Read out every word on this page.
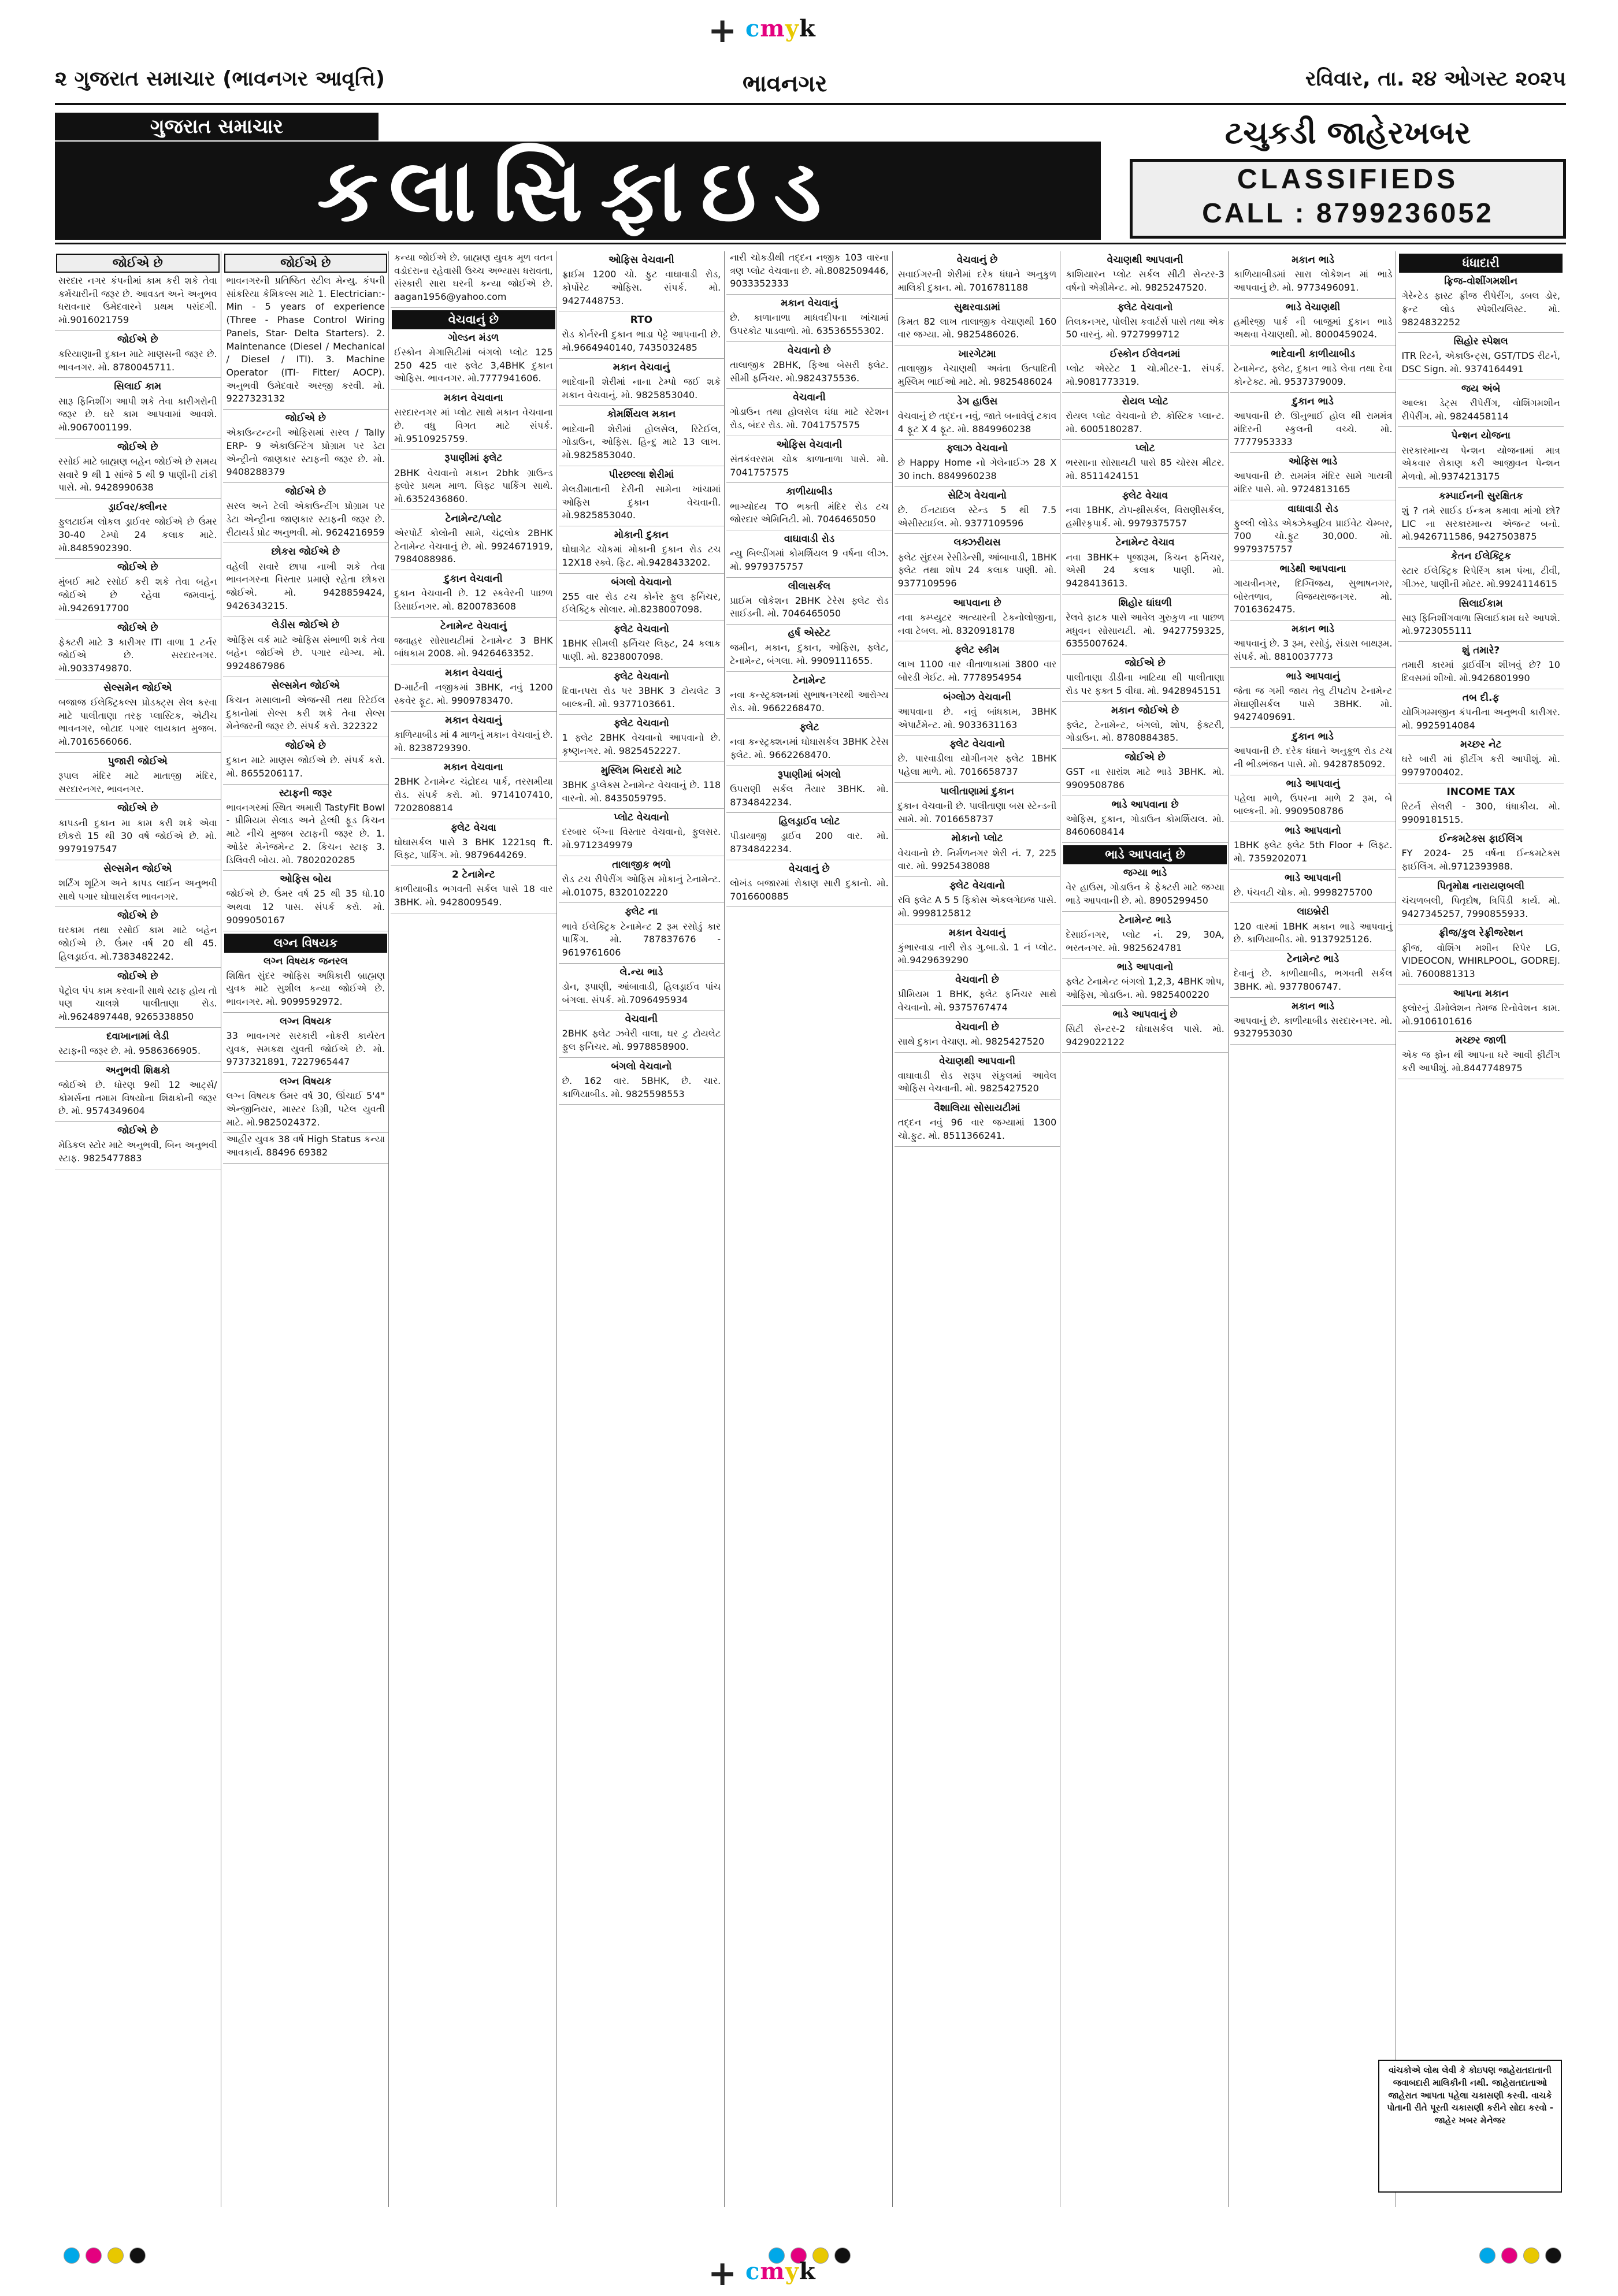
+ cmyk
૨ ગુજરાત સમાચાર (ભાવનગર આવૃત્તિ)	ભાવનગર	રવિવાર, તા. ૨૪ ઓગસ્ટ ૨૦૨૫
ગુજરાત સમાચાર
ક્લાસિફાઇડ
ટચુકડી જાહેરખબર
CLASSIFIEDS
CALL : 8799236052
જોઈએ છે
સરદાર નગર કંપનીમાં કામ કરી શકે તેવા કર્મચારીની જરૂર છે. આવડત અને અનુભવ ધરાવનાર ઉમેદવારને પ્રથમ પસંદગી. મો.9016021759
જોઈએ છે
કરિયાણાની દુકાન માટે માણસની જરૂર છે. ભાવનગર. મો. 8780045711.
સિલાઈ કામ
સારૂ ફિનિશીંગ આપી શકે તેવા કારીગરોની જરૂર છે. ઘરે કામ આપવામાં આવશે. મો.9067001199.
જોઈએ છે
રસોઈ માટે બ્રાહ્મણ બહેન જોઈએ છે સમય સવારે 9 થી 1 સાંજે 5 થી 9 પાણીની ટાંકી પાસે. મો. 9428990638
ડ્રાઈવર/ક્લીનર
ફુલટાઈમ લોકલ ડ્રાઈવર જોઈએ છે ઉંમર 30-40 ટેમ્પો 24 કલાક માટે. મો.8485902390.
જોઈએ છે
મુંબઈ માટે રસોઈ કરી શકે તેવા બહેન જોઈએ છે રહેવા જમવાનું. મો.9426917700
જોઈએ છે
ફેક્ટરી માટે 3 કારીગર ITI વાળા 1 ટર્નર જોઈએ છે. સરદારનગર. મો.9033749870.
સેલ્સમેન જોઈએ
બજાજ ઈલેક્ટ્રિકલ્સ પ્રોડક્ટ્સ સેલ કરવા માટે પાલીતાણા તરફ પ્લાસ્ટિક, એટીચ ભાવનગર, બોટાદ પગાર લાયકાત મુજબ. મો.7016566066.
પુજારી જોઈએ
રૂપાલ મંદિર માટે માતાજી મંદિર, સરદારનગર, ભાવનગર.
જોઈએ છે
કાપડની દુકાન મા કામ કરી શકે એવા છોકરો 15 થી 30 વર્ષ જોઈએ છે. મો. 9979197547
સેલ્સમેન જોઈએ
શર્ટિંગ શૂટિંગ અને કાપડ લાઈન અનુભવી સાથે પગાર ઘોઘાસર્કલ ભાવનગર.
જોઈએ છે
ઘરકામ તથા રસોઈ કામ માટે બહેન જોઈએ છે. ઉંમર વર્ષ 20 થી 45. હિલડ્રાઈવ. મો.7383482242.
જોઈએ છે
પેટ્રોલ પંપ કામ કરવાની સાથે સ્ટાફ હોય તો પણ ચાલશે પાલીતાણા રોડ. મો.9624897448, 9265338850
દવાખાનામાં લેડી
સ્ટાફની જરૂર છે. મો. 9586366905.
અનુભવી શિક્ષકો
જોઈએ છે. ધોરણ 9થી 12 આર્ટ્સ/કોમર્સના તમામ વિષયોના શિક્ષકોની જરૂર છે. મો. 9574349604
જોઈએ છે
મેડિકલ સ્ટોર માટે અનુભવી, બિન અનુભવી સ્ટાફ. 9825477883
જોઈએ છે
ભાવનગરની પ્રતિષ્ઠિત સ્ટીલ મેન્યુ. કંપની સાંકરિયા કેમિકલ્સ માટે 1. Electrician:- Min - 5 years of experience (Three - Phase Control Wiring Panels, Star- Delta Starters). 2. Maintenance (Diesel / Mechanical / Diesel / ITI). 3. Machine Operator (ITI- Fitter/ AOCP). અનુભવી ઉમેદવારે અરજી કરવી. મો. 9227323132
જોઈએ છે
એકાઉન્ટન્ટની ઓફિસમાં સરલ / Tally ERP- 9 એકાઉન્ટિંગ પ્રોગ્રામ પર ડેટા એન્ટ્રીનો જાણકાર સ્ટાફની જરૂર છે. મો. 9408288379
જોઈએ છે
સરલ અને ટેલી એકાઉન્ટીંગ પ્રોગ્રામ પર ડેટા એન્ટ્રીના જાણકાર સ્ટાફની જરૂર છે. રીટાયર્ડ પ્રોઢ અનુભવી. મો. 9624216959
છોકરા જોઈએ છે
વહેલી સવારે છાપા નાખી શકે તેવા ભાવનગરના વિસ્તાર પ્રમાણે રહેતા છોકરા જોઈએ. મો. 9428859424, 9426343215.
લેડીસ જોઈએ છે
ઓફિસ વર્ક માટે ઓફિસ સંભાળી શકે તેવા બહેન જોઈએ છે. પગાર યોગ્ય. મો. 9924867986
સેલ્સમેન જોઈએ
કિચન મસાલાની એજન્સી તથા રિટેઈલ દુકાનોમાં સેલ્સ કરી શકે તેવા સેલ્સ મેનેજરની જરૂર છે. સંપર્ક કરો. 322322
જોઈએ છે
દુકાન માટે માણસ જોઈએ છે. સંપર્ક કરો. મો. 8655206117.
સ્ટાફની જરૂર
ભાવનગરમાં સ્થિત અમારી TastyFit Bowl - પ્રીમિયમ સેલાડ અને હેલ્ધી ફૂડ કિચન માટે નીચે મુજબ સ્ટાફની જરૂર છે. 1. ઓર્ડર મેનેજમેન્ટ 2. કિચન સ્ટાફ 3. ડિલિવરી બોય. મો. 7802020285
ઓફિસ બોય
જોઈએ છે. ઉંમર વર્ષ 25 થી 35 ધો.10 અથવા 12 પાસ. સંપર્ક કરો. મો. 9099050167
લગ્ન વિષયક
લગ્ન વિષયક જનરલ
શિક્ષિત સુંદર ઓફિસ અધિકારી બ્રાહ્મણ યુવક માટે સુશીલ કન્યા જોઈએ છે. ભાવનગર. મો. 9099592972.
લગ્ન વિષયક
33 ભાવનગર સરકારી નોકરી કાર્યરત યુવક, સમકક્ષ યુવતી જોઈએ છે. મો. 9737321891, 7227965447
લગ્ન વિષયક
લગ્ન વિષયક ઉંમર વર્ષ 30, ઊંચાઈ 5'4" એન્જીનિયર, માસ્ટર ડિગ્રી, પટેલ યુવતી માટે. મો.9825024372.
આહીર યુવક 38 વર્ષ High Status કન્યા આવકાર્ય. 88496 69382
કન્યા જોઈએ છે. બ્રાહ્મણ યુવક મૂળ વતન વડોદરાના રહેવાસી ઉચ્ચ અભ્યાસ ધરાવતા, સંસ્કારી સારા ઘરની કન્યા જોઈએ છે. aagan1956@yahoo.com
વેચવાનું છે
ગોલ્ડન મંડળ
ઈસ્કોન મેગાસિટીમાં બંગલો પ્લોટ 125 250 425 વાર ફ્લેટ 3,4BHK દુકાન ઓફિસ. ભાવનગર. મો.7777941606.
મકાન વેચવાના
સરદારનગર માં પ્લોટ સાથે મકાન વેચવાના છે. વધુ વિગત માટે સંપર્ક. મો.9510925759.
રૂપાણીમાં ફ્લેટ
2BHK વેચવાનો મકાન 2bhk ગ્રાઉન્ડ ફ્લોર પ્રથમ માળ. લિફ્ટ પાર્કિંગ સાથે. મો.6352436860.
ટેનામેન્ટ/પ્લોટ
એરપોર્ટ કોલોની સામે, ચંદ્રલોક 2BHK ટેનામેન્ટ વેચવાનું છે. મો. 9924671919, 7984088986.
દુકાન વેચવાની
દુકાન વેચવાની છે. 12 સ્કવેરની પાછળ ડિસાઈનગર. મો. 8200783608
ટેનામેન્ટ વેચવાનું
જવાહર સોસાયટીમાં ટેનામેન્ટ 3 BHK બાંધકામ 2008. મો. 9426463352.
મકાન વેચવાનું
D-માર્ટની નજીકમાં 3BHK, નવું 1200 સ્કવેર ફૂટ. મો. 9909783470.
મકાન વેચવાનું
કાળિયાબીડ માં 4 માળનું મકાન વેચવાનું છે. મો. 8238729390.
મકાન વેચવાના
2BHK ટેનામેન્ટ ચંદ્રોદય પાર્ક, તરસમીયા રોડ. સંપર્ક કરો. મો. 9714107410, 7202808814
ફ્લેટ વેચવા
ઘોઘાસર્કલ પાસે 3 BHK 1221sq ft. લિફ્ટ, પાર્કિંગ. મો. 9879644269.
2 ટેનામેન્ટ
કાળીયાબીડ ભગવતી સર્કલ પાસે 18 વાર 3BHK. મો. 9428009549.
ઓફિસ વેચવાની
ફ્રાઈમ 1200 ચો. ફુટ વાઘાવાડી રોડ, કોર્પોરેટ ઓફિસ. સંપર્ક. મો. 9427448753.
RTO
રોડ કોર્નરની દુકાન ભાડા પેટ્ટે આપવાની છે. મો.9664940140, 7435032485
મકાન વેચવાનું
ભાદેવાની શેરીમાં નાના ટેમ્પો જઈ શકે મકાન વેચવાનું. મો. 9825853040.
કોમર્શિયલ મકાન
ભાદેવાની શેરીમાં હોલસેલ, રિટેઈલ, ગોડાઉન, ઓફિસ. હિન્દુ માટે 13 લાખ. મો.9825853040.
પીરછલ્લા શેરીમાં
મેલડીમાતાની દેરીની સામેના ખાંચામાં ઓફિસ દુકાન વેચવાની. મો.9825853040.
મોકાની દુકાન
ઘોઘાગેટ ચોકમાં મોકાની દુકાન રોડ ટચ 12X18 સ્ક્વે. ફિટ. મો.9428433202.
બંગલો વેચવાનો
255 વાર રોડ ટચ કોર્નર ફુલ ફર્નિચર, ઈલેક્ટ્રિક સોલાર. મો.8238007098.
ફ્લેટ વેચવાનો
1BHK સીમલી ફર્નિચર લિફ્ટ, 24 કલાક પાણી. મો. 8238007098.
ફ્લેટ વેચવાનો
દિવાનપરા રોડ પર 3BHK 3 ટોયલેટ 3 બાલ્કની. મો. 9377103661.
ફ્લેટ વેચવાનો
1 ફ્લેટ 2BHK વેચવાનો આપવાનો છે. કૃષ્ણનગર. મો. 9825452227.
મુસ્લિમ બિરાદરો માટે
3BHK ડુપ્લેક્સ ટેનામેન્ટ વેચવાનું છે. 118 વારનો. મો. 8435059795.
પ્લોટ વેચવાનો
દરબાર બેંગ્ના વિસ્તાર વેચવાનો, ફુલસર. મો.9712349979
તાલાજીક ભળો
રોડ ટચ રીપેરીંગ ઓફિસ મોકાનું ટેનામેન્ટ. મો.01075, 8320102220
ફ્લેટ ના
ભાવે ઈલેક્ટ્રિક ટેનામેન્ટ 2 રૂમ રસોડું કાર પાર્કિંગ. મો. 787837676 - 9619761606
લે.ન્ય ભાડે
ડોન, રૂપાણી, આંબાવાડી, હિલડ્રાઈવ પાંચ બંગલા. સંપર્ક. મો.7096495934
વેચવાની
2BHK ફ્લેટ ઝવેરી વાલા, ઘર ટુ ટોયલેટ ફુલ ફર્નિચર. મો. 9978858900.
બંગલો વેચવાનો
છે. 162 વાર. 5BHK, છે. ચાર. કાળિયાબીડ. મો. 9825598553
નારી ચોકડીથી તદ્દન નજીક 103 વારના ત્રણ પ્લોટ વેચવાના છે. મો.8082509446, 9033352333
મકાન વેચવાનું
છે. કાળાનાળા માધવદીપના ખાંચામાં ઉપરકોટ પાડવાળો. મો. 63536555302.
વેચવાનો છે
તાલાજીક 2BHK, ફિઆ બેસરી ફ્લેટ. સીમી ફર્નિચર. મો.9824375536.
વેચવાની
ગોડાઉન તથા હોલસેલ ઘંધા માટે સ્ટેશન રોડ, બંદર રોડ. મો. 7041757575
ઓફિસ વેચવાની
સંતકંવરરામ ચોક કાળાનાળા પાસે. મો. 7041757575
કાળીયાબીડ
ભાગ્યોદય TO ભક્તી મંદિર રોડ ટચ જોરદાર એમિનિટી. મો. 7046465050
વાઘાવાડી રોડ
ન્યુ બિલ્ડીંગમાં કોમર્શિયલ 9 વર્ષના લીઝ. મો. 9979375757
લીલાસર્કલ
પ્રાઈમ લોકેશન 2BHK ટેરેસ ફ્લેટ રોડ સાઈડની. મો. 7046465050
હર્ષ એસ્ટેટ
જમીન, મકાન, દુકાન, ઓફિસ, ફ્લેટ, ટેનામેન્ટ, બંગલા. મો. 9909111655.
ટેનામેન્ટ
નવા કન્સ્ટ્રક્શનમાં સુભાષનગરથી આરોગ્ય રોડ. મો. 9662268470.
ફ્લેટ
નવા કન્સ્ટ્રક્શનમાં ઘોઘાસર્કલ 3BHK ટેરેસ ફ્લેટ. મો. 9662268470.
રૂપાણીમાં બંગલો
ઉપરાણી સર્કલ તૈયાર 3BHK. મો. 8734842234.
હિલડ્રાઈવ પ્લોટ
પીડાયાજી ડ્રાઈવ 200 વાર. મો. 8734842234.
વેચવાનું છે
લોખંડ બજારમાં રોકાણ સારી દુકાનો. મો. 7016600885
વેચવાનું છે
સવાઈગરની શેરીમાં દરેક ધંધાને અનુકુળ માલિકી દુકાન. મો. 7016781188
સુથરવાડામાં
કિમત 82 લાખ તાલાજીક વેચાણથી 160 વાર જગ્યા. મો. 9825486026.
ખારગેટમા
તાલાજીક વેચાણથી અવંતા ઉત્પાદિતી મુસ્લિમ ભાઈઓ માટે. મો. 9825486024
ડેગ હાઉસ
વેચવાનું છે તદ્દન નવું, જાતે બનાવેલું ટકાવ 4 ફૂટ X 4 ફૂટ. મો. 8849960238
ફ્લાઝ વેચવાનો
છે Happy Home નો ગેલેનાઈઝ 28 X 30 inch. 8849960238
સેટિંગ વેચવાનો
છે. ઈનટાઇલ સ્ટેન્ડ 5 થી 7.5 એસીસ્ટાઈલ. મો. 9377109596
લક્ઝરીયસ
ફ્લેટ સુંદરમ રેસીડેન્સી, આંબાવાડી, 1BHK ફ્લેટ તથા શોપ 24 કલાક પાણી. મો. 9377109596
આપવાના છે
નવા કમ્પ્યુટર અત્યારની ટેકનોલોજીના, નવા ટેબલ. મો. 8320918178
ફ્લેટ સ્કીમ
લાખ 1100 વાર વીતાળાકામાં 3800 વાર બોરડી ગેઈટ. મો. 7778954954
બંગ્લોઝ વેચવાની
આપવાના છે. નવું બાંધકામ, 3BHK એપાર્ટમેન્ટ. મો. 9033631163
ફ્લેટ વેચવાનો
છે. પારવાડીલા યોગીનગર ફ્લેટ 1BHK પહેલા માળે. મો. 7016658737
પાલીતાણામાં દુકાન
દુકાન વેચવાની છે. પાલીતાણા બસ સ્ટેન્ડની સામે. મો. 7016658737
મોકાનો પ્લોટ
વેચવાનો છે. નિર્મળનગર શેરી નં. 7, 225 વાર. મો. 9925438088
ફ્લેટ વેચવાનો
રવિ ફ્લેટ A 5 5 ફિકોસ એકલગેઇજ પાસે. મો. 9998125812
મકાન વેચવાનું
કુંભારવાડા નારી રોડ ગુ.બા.ડો. 1 નં પ્લોટ. મો.9429639290
વેચવાની છે
પ્રીમિયમ 1 BHK, ફ્લેટ ફર્નિચર સાથે વેચવાનો. મો. 9375767474
વેચવાની છે
સાથે દુકાન વેચાણ. મો. 9825427520
વેચાણથી આપવાની
વાઘાવાડી રોડ સરૂપ સંકુલમાં આવેલ ઓફિસ વેચવાની. મો. 9825427520
વૈશાલિયા સોસાયટીમાં
તદ્દન નવું 96 વાર જગ્યામાં 1300 ચો.ફુટ. મો. 8511366241.
વેચાણથી આપવાની
કાશિયારન પ્લોટ સર્કલ સીટી સેન્ટર-3 વર્ષનો એગ્રીમેન્ટ. મો. 9825247520.
ફ્લેટ વેચવાનો
તિલકનગર, પોલીસ કવાર્ટર્સ પાસે તથા એક 50 વારનું. મો. 9727999712
ઈસ્કોન ઈલેવનમાં
પ્લોટ એસ્ટેટ 1 ચો.મીટર-1. સંપર્ક. મો.9081773319.
રોયલ પ્લોટ
રોયલ પ્લોટ વેચવાનો છે. કોસ્ટિક પ્લાન્ટ. મો. 6005180287.
પ્લોટ
ભરસાના સોસાયટી પાસે 85 ચોરસ મીટર. મો. 8511424151
ફ્લેટ વેચાવ
નવા 1BHK, ટોપ-થ્રીસર્કલ, વિરાણીસર્કલ, હમીરકૃપાર્ક. મો. 9979375757
ટેનામેન્ટ વેચાવ
નવા 3BHK+ પૂજારૂમ, કિચન ફર્નિચર, એસી 24 કલાક પાણી. મો. 9428413613.
શિહોર ઘાંઘળી
રેલવે ફાટક પાસે આવેલ ગુરુકુળ ના પાછળ મધુવન સોસાયટી. મો. 9427759325, 6355007624.
જોઈએ છે
પાલીતાણા ડીડીના ખાટિયા થી પાલીતાણા રોડ પર ફક્ત 5 વીઘા. મો. 9428945151
મકાન જોઈએ છે
ફ્લેટ, ટેનામેન્ટ, બંગલો, શોપ, ફેક્ટરી, ગોડાઉન. મો. 8780884385.
જોઈએ છે
GST ના સારાંશ માટે ભાડે 3BHK. મો. 9909508786
ભાડે આપવાના છે
ઓફિસ, દુકાન, ગોડાઉન કોમર્શિયલ. મો. 8460608414
ભાડે આપવાનું છે
જગ્યા ભાડે
વેર હાઉસ, ગોડાઉન કે ફેક્ટરી માટે જગ્યા ભાડે આપવાની છે. મો. 8905299450
ટેનામેન્ટ ભાડે
દેસાઈનગર, પ્લોટ નં. 29, 30A, ભરતનગર. મો. 9825624781
ભાડે આપવાનો
ફ્લેટ ટેનામેન્ટ બંગલો 1,2,3, 4BHK શોપ, ઓફિસ, ગોડાઉન. મો. 9825400220
ભાડે આપવાનું છે
સિટી સેન્ટર-2 ઘોઘાસર્કલ પાસે. મો. 9429022122
મકાન ભાડે
કાળિયાબીડમાં સારા લોકેશન માં ભાડે આપવાનું છે. મો. 9773496091.
ભાડે વેચાણથી
હમીરજી પાર્ક ની બાજુમાં દુકાન ભાડે અથવા વેચાણથી. મો. 8000459024.
ભાદેવાની કાળીયાબીડ
ટેનામેન્ટ, ફ્લેટ, દુકાન ભાડે લેવા તથા દેવા કોન્ટેક્ટ. મો. 9537379009.
દુકાન ભાડે
આપવાની છે. ઊનુભાઈ હોલ થી રામમંત્ર મંદિરની સ્કુલની વચ્ચે. મો. 7777953333
ઓફિસ ભાડે
આપવાની છે. રામમંત્ર મંદિર સામે ગાયત્રી મંદિર પાસે. મો. 9724813165
વાઘાવાડી રોડ
ફુલ્લી લોડેડ એક્ઝેક્યુટિવ પ્રાઈવેટ ચેમ્બર, 700 ચો.ફુટ 30,000. મો. 9979375757
ભાડેથી આપવાના
ગાયત્રીનગર, દિગ્વિજય, સુભાષનગર, બોરતળાવ, વિજયરાજનગર. મો. 7016362475.
મકાન ભાડે
આપવાનું છે. 3 રૂમ, રસોડું, સંડાસ બાથરૂમ. સંપર્ક. મો. 8810037773
ભાડે આપવાનું
જેતા જ ગમી જાય તેવુ ટીપટોપ ટેનામેન્ટ મેઘાણીસર્કલ પાસે 3BHK. મો. 9427409691.
દુકાન ભાડે
આપવાની છે. દરેક ધંધાને અનુકૂળ રોડ ટચ ની ભીડભંજન પાસે. મો. 9428785092.
ભાડે આપવાનું
પહેલા માળે, ઉપરના માળે 2 રૂમ, બે બાલ્કની. મો. 9909508786
ભાડે આપવાનો
1BHK ફ્લેટ ફ્લેટ 5th Floor + લિફ્ટ. મો. 7359202071
ભાડે આપવાની
છે. પંચવટી ચોક. મો. 9998275700
લાઇબ્રેરી
120 વારમાં 1BHK મકાન ભાડે આપવાનું છે. કાળિયાબીડ. મો. 9137925126.
ટેનામેન્ટ ભાડે
દેવાનું છે. કાળીયાબીડ, ભગવતી સર્કલ 3BHK. મો. 9377806747.
મકાન ભાડે
આપવાનું છે. કાળીયાબીડ સરદારનગર. મો. 9327953030
ધંધાદારી
ફ્રિજ-વોશીંગમશીન
ગેરેન્ટેડ ફાસ્ટ ફ્રીજ રીપેરીંગ, ડબલ ડોર, ફ્રન્ટ લોડ સ્પેશીયલિસ્ટ. મો. 9824832252
સિહોર સ્પેશલ
ITR રિટર્ન, એકાઉન્ટ્સ, GST/TDS રીટર્ન, DSC Sign. મો. 9374164491
જય અંબે
આલ્કા ડેટ્સ રીપેરીંગ, વોશિંગમશીન રીપેરીંગ. મો. 9824458114
પેન્શન યોજના
સરકારમાન્ય પેન્શન યોજનામાં માત્ર એકવાર રોકાણ કરી આજીવન પેન્શન મેળવો. મો.9374213175
કમ્પાઈનની સુરક્ષિતક
શું ? તમે સાઈડ ઈન્કમ કમાવા માંગો છો? LIC ના સરકારમાન્ય એજન્ટ બનો. મો.9426711586, 9427503875
કેતન ઈલેક્ટ્રિક
સ્ટાર ઈલેક્ટ્રિક રિપેરિંગ કામ પંખા, ટીવી, ગીઝર, પાણીની મોટર. મો.9924114615
સિલાઈકામ
સારૂ ફિનિશીંગવાળા સિલાઈકામ ઘરે આપશે. મો.9723055111
શું તમારે?
તમારી કારમાં ડ્રાઈવીંગ શીખવું છે? 10 દિવસમાં શીખો. મો.9426801990
તબ દી.ફ
યોગિગમ્મજીન કંપનીના અનુભવી કારીગર. મો. 9925914084
મચ્છર નેટ
ઘરે બારી માં ફીટીંગ કરી આપીશું. મો. 9979700402.
INCOME TAX
રિટર્ન સેલરી - 300, ધંધાકીય. મો. 9909181515.
ઈન્કમટેક્સ ફાઈલિંગ
FY 2024- 25 વર્ષના ઈન્કમટેક્સ ફાઈલિંગ. મો.9712393988.
પિતૃમોક્ષ નારાયણબલી
ચંચળબલી, પિતૃદોષ, ત્રિપિંડી કાર્ય. મો. 9427345257, 7990855933.
ફ્રીજ/કુલ રેફ્રીજરેશન
ફ્રીજ, વોશિંગ મશીન રિપેર LG, VIDEOCON, WHIRLPOOL, GODREJ. મો. 7600881313
આપના મકાન
ફ્લોરનું ડીમોલેશન તેમજ રિનોવેશન કામ. મો.9106101616
મચ્છર જાળી
એક જ ફોન થી આપના ઘરે આવી ફીટીંગ કરી આપીશું. મો.8447748975
વાંચકોએ લોથ લેવી કે કોઇપણ જાહેરાતદાતાની જવાબદારી માલિકીની નથી. જાહેરાતદાતાઓ જાહેરાત આપતા પહેલા ચકાસણી કરવી. વાચકે પોતાની રીતે પૂરતી ચકાસણી કરીને સોદા કરવો - જાહેર ખબર મેનેજર
+ cmyk
